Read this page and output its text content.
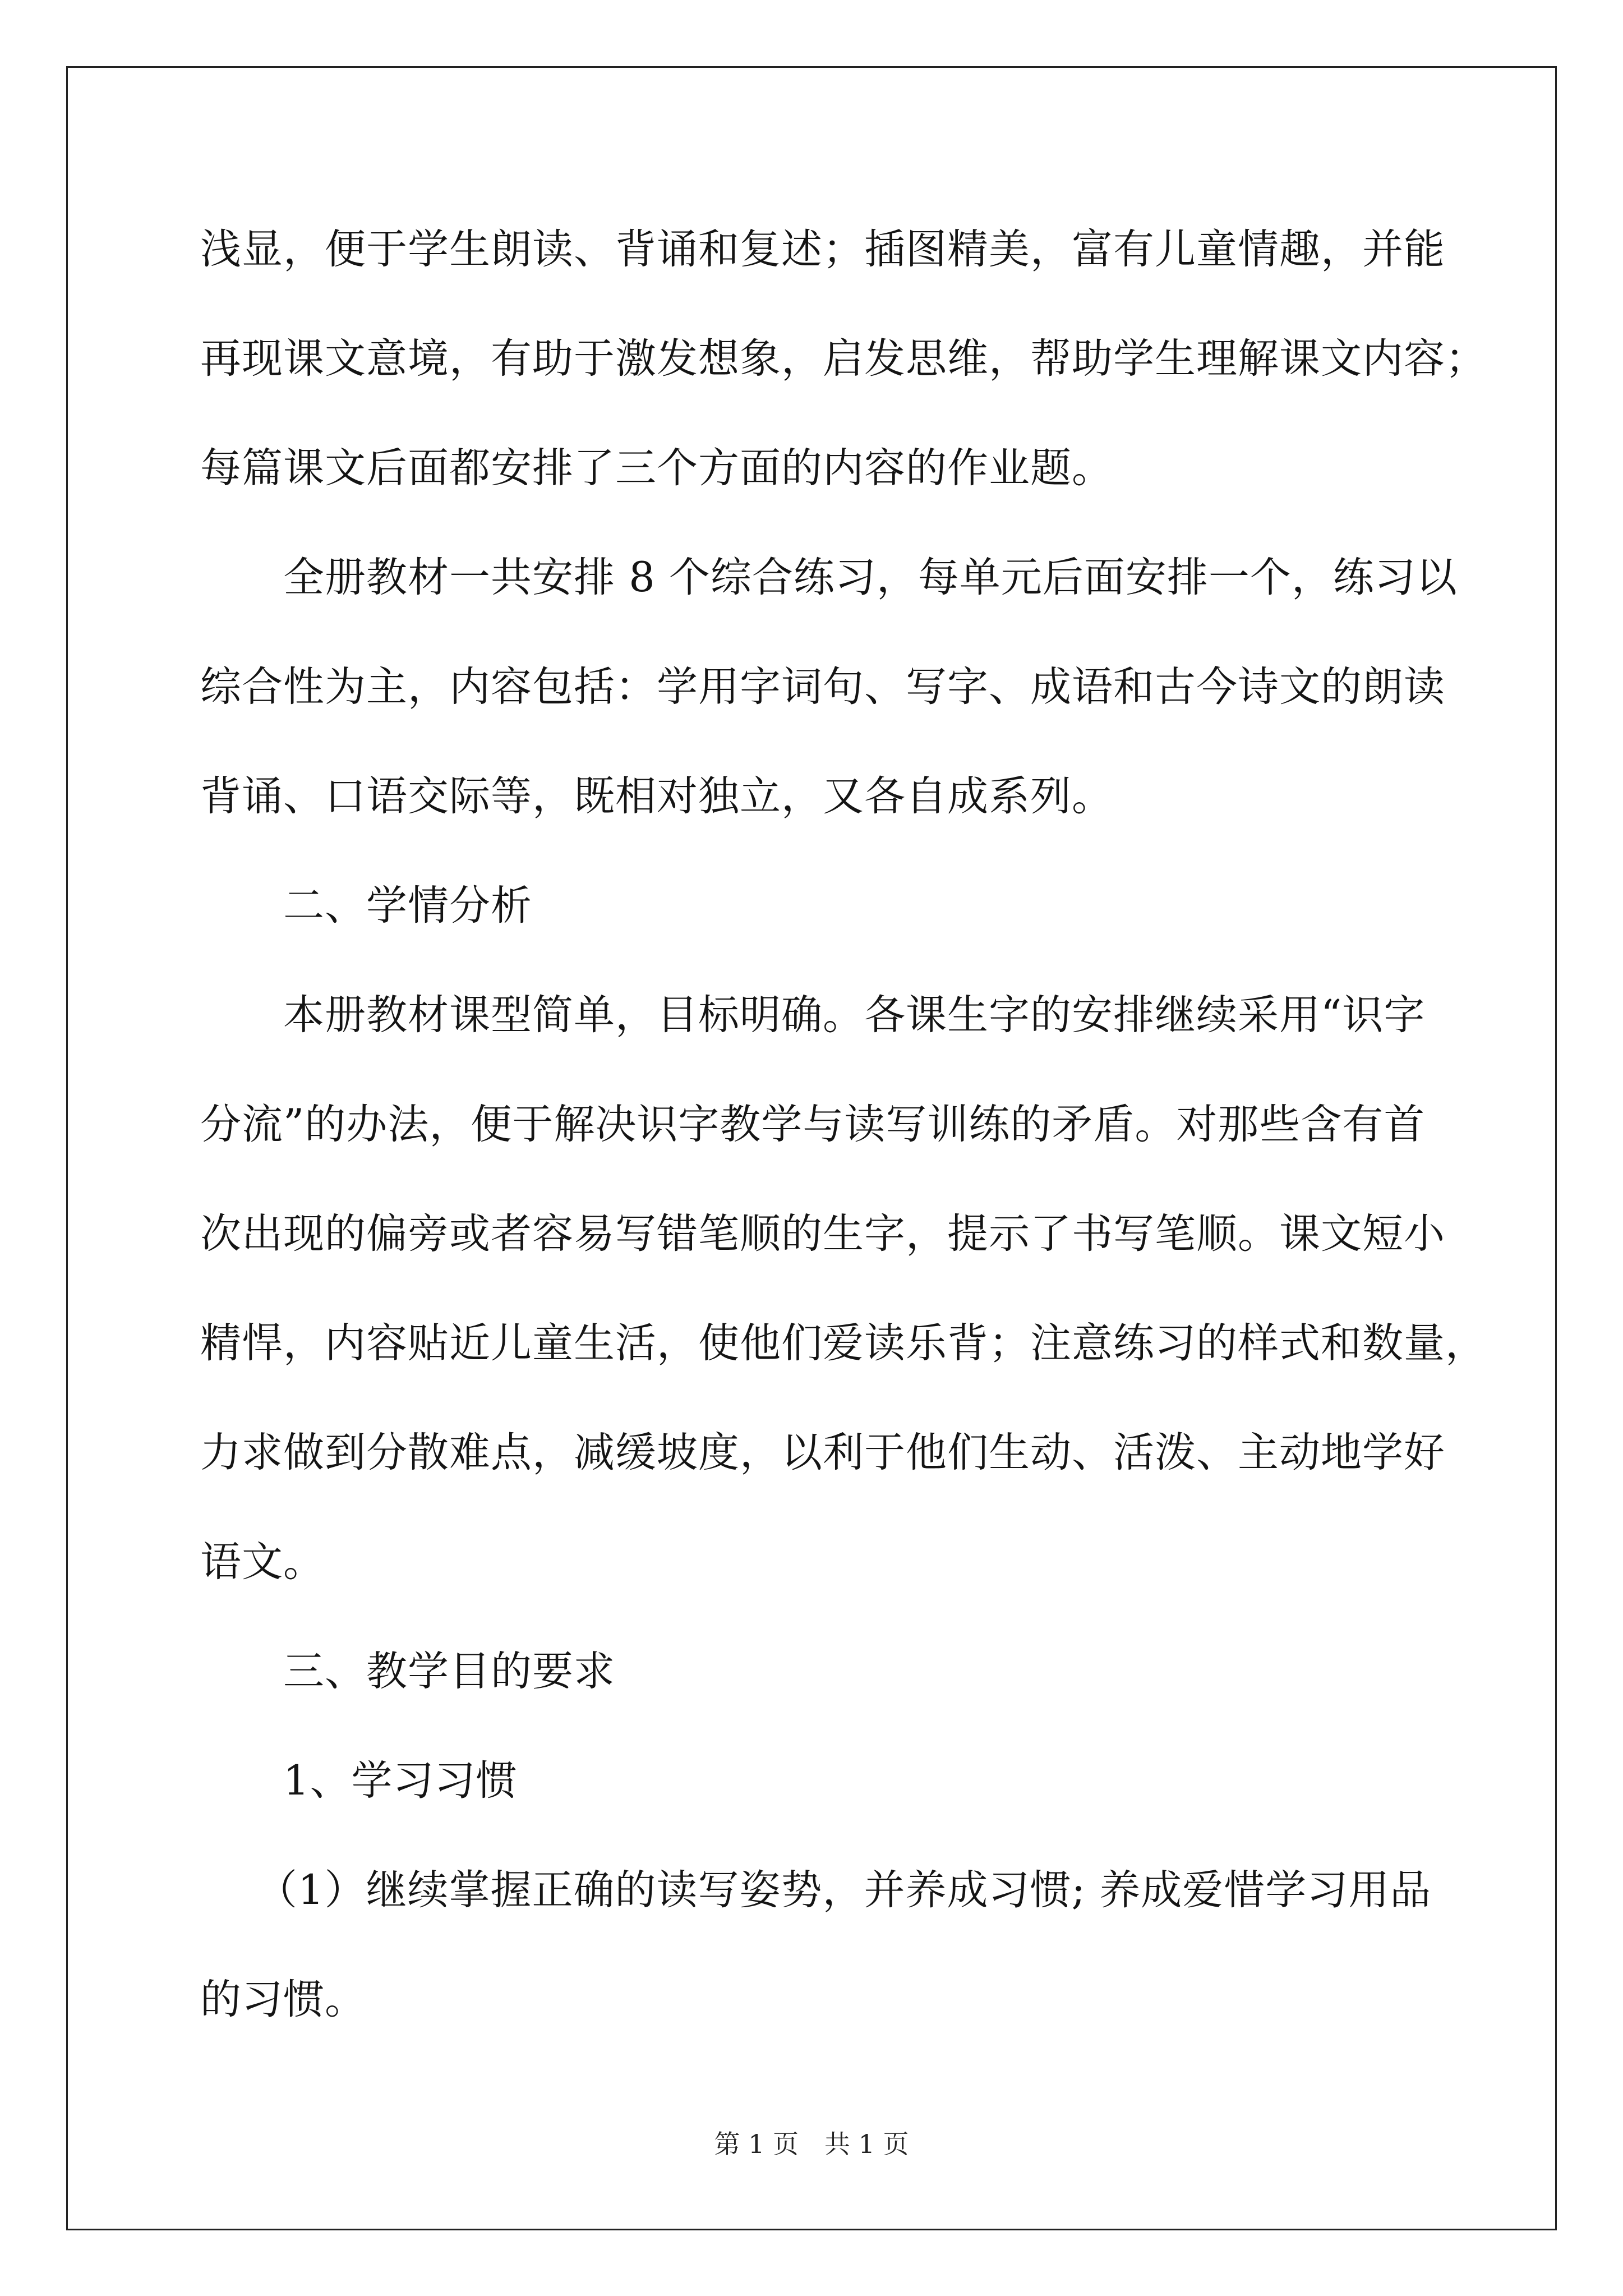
浅显，便于学生朗读、背诵和复述；插图精美，富有儿童情趣，并能
再现课文意境，有助于激发想象，启发思维，帮助学生理解课文内容；
每篇课文后面都安排了三个方面的内容的作业题。
全册教材一共安排 8 个综合练习，每单元后面安排一个，练习以
综合性为主，内容包括：学用字词句、写字、成语和古今诗文的朗读
背诵、口语交际等，既相对独立，又各自成系列。
二、学情分析
本册教材课型简单，目标明确。各课生字的安排继续采用“识字
分流”的办法，便于解决识字教学与读写训练的矛盾。对那些含有首
次出现的偏旁或者容易写错笔顺的生字，提示了书写笔顺。课文短小
精悍，内容贴近儿童生活，使他们爱读乐背；注意练习的样式和数量，
力求做到分散难点，减缓坡度，以利于他们生动、活泼、主动地学好
语文。
三、教学目的要求
1、学习习惯
（1）继续掌握正确的读写姿势，并养成习惯; 养成爱惜学习用品
的习惯。
第 1 页　共 1 页
